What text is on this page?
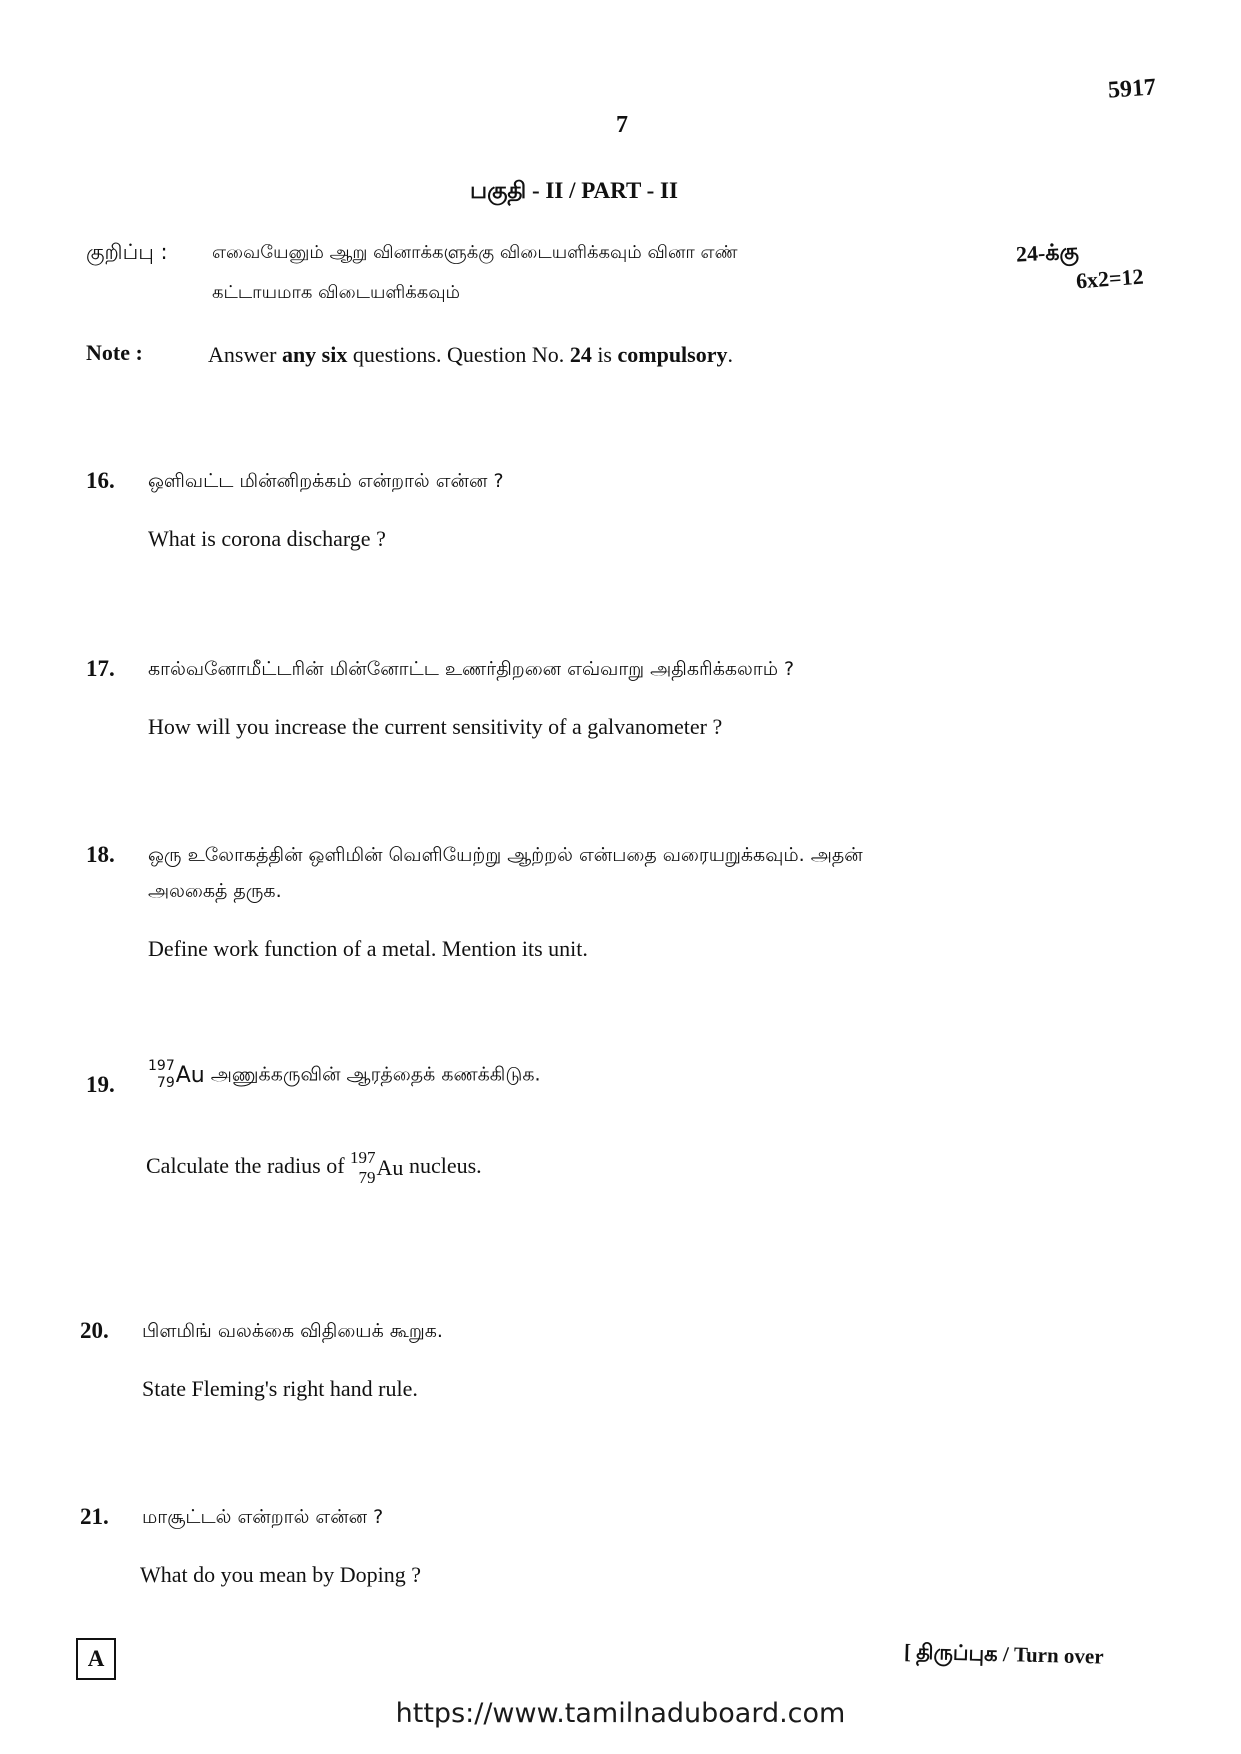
5917
7
பகுதி - II / PART - II
குறிப்பு : எவையேனும் ஆறு வினாக்களுக்கு விடையளிக்கவும் வினா எண்	24-க்கு
கட்டாயமாக விடையளிக்கவும்	6x2=12
Note :	Answer any six questions. Question No. 24 is compulsory.
16. ஒளிவட்ட மின்னிறக்கம் என்றால் என்ன ?
What is corona discharge ?
17. கால்வனோமீட்டரின் மின்னோட்ட உணர்திறனை எவ்வாறு அதிகரிக்கலாம் ?
How will you increase the current sensitivity of a galvanometer ?
18. ஒரு உலோகத்தின் ஒளிமின் வெளியேற்று ஆற்றல் என்பதை வரையறுக்கவும். அதன்
அலகைத் தருக.
Define work function of a metal. Mention its unit.
19.
197
79 Au அணுக்கருவின் ஆரத்தைக் கணக்கிடுக.
Calculate the radius of 197
79 Au nucleus.
20. பிளமிங் வலக்கை விதியைக் கூறுக.
State Fleming's right hand rule.
21. மாசூட்டல் என்றால் என்ன ?
What do you mean by Doping ?
A	[ திருப்புக / Turn over
https://www.tamilnaduboard.com
